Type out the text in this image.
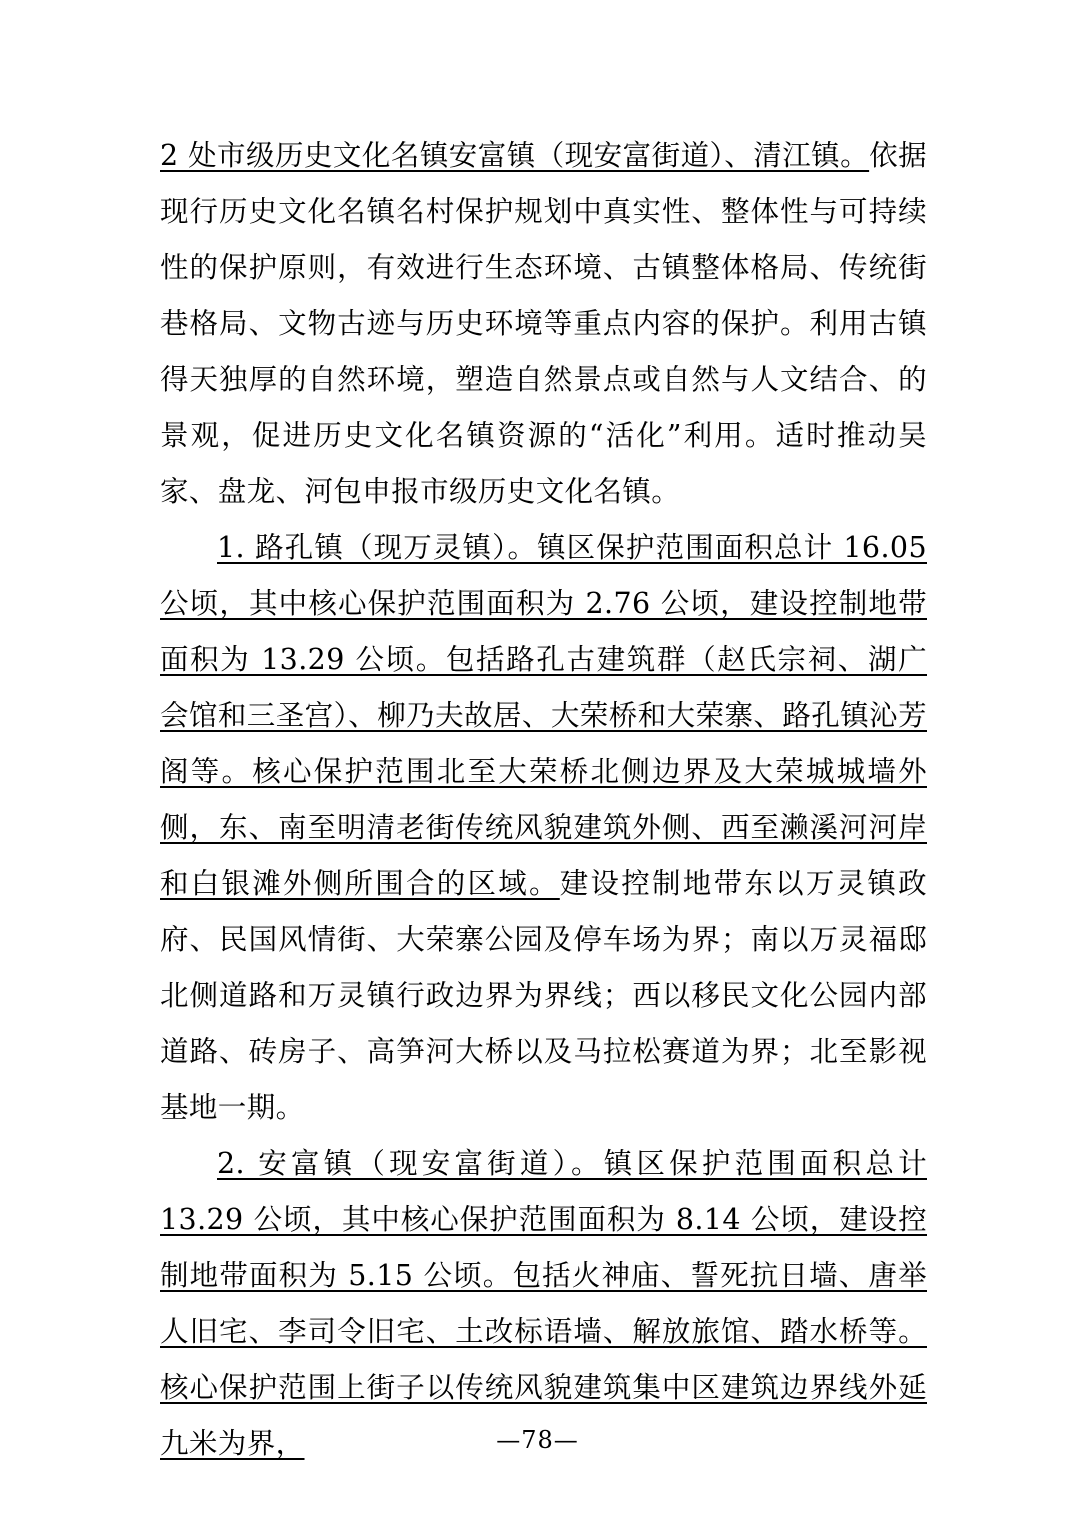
2 处市级历史文化名镇安富镇（现安富街道）、清江镇。依据现行历史文化名镇名村保护规划中真实性、整体性与可持续性的保护原则，有效进行生态环境、古镇整体格局、传统街巷格局、文物古迹与历史环境等重点内容的保护。利用古镇得天独厚的自然环境，塑造自然景点或自然与人文结合、的景观，促进历史文化名镇资源的“活化”利用。适时推动吴家、盘龙、河包申报市级历史文化名镇。

1. 路孔镇（现万灵镇）。镇区保护范围面积总计 16.05 公顷，其中核心保护范围面积为 2.76 公顷，建设控制地带面积为 13.29 公顷。包括路孔古建筑群（赵氏宗祠、湖广会馆和三圣宫）、柳乃夫故居、大荣桥和大荣寨、路孔镇沁芳阁等。核心保护范围北至大荣桥北侧边界及大荣城城墙外侧，东、南至明清老街传统风貌建筑外侧、西至濑溪河河岸和白银滩外侧所围合的区域。建设控制地带东以万灵镇政府、民国风情街、大荣寨公园及停车场为界；南以万灵福邸北侧道路和万灵镇行政边界为界线；西以移民文化公园内部道路、砖房子、高笋河大桥以及马拉松赛道为界；北至影视基地一期。

2. 安富镇（现安富街道）。镇区保护范围面积总计 13.29 公顷，其中核心保护范围面积为 8.14 公顷，建设控制地带面积为 5.15 公顷。包括火神庙、誓死抗日墙、唐举人旧宅、李司令旧宅、土改标语墙、解放旅馆、踏水桥等。核心保护范围上街子以传统风貌建筑集中区建筑边界线外延九米为界，	—78—
